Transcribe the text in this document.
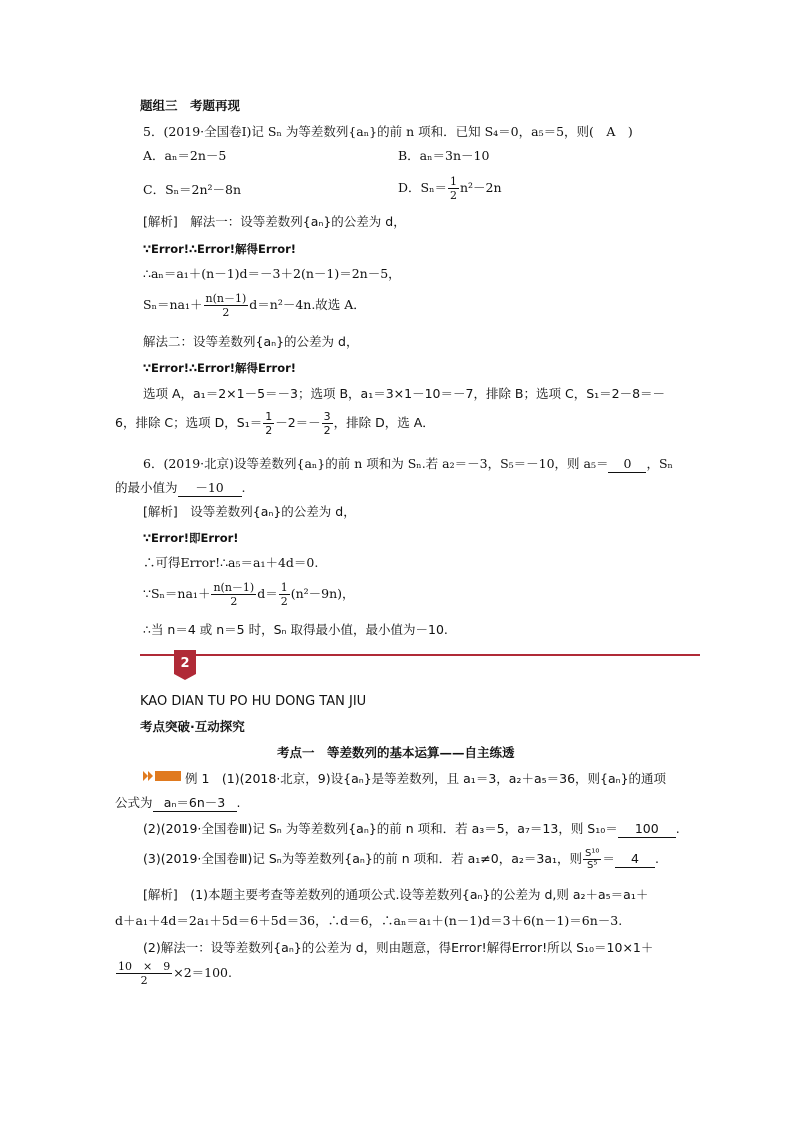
题组三　考题再现
5．(2019·全国卷Ⅰ)记 Sₙ 为等差数列{aₙ}的前 n 项和．已知 S₄＝0，a₅＝5，则(　A　)
A．aₙ＝2n－5	B．aₙ＝3n－10
C．Sₙ＝2n²－8n	D．$S_n= \frac{1}{2} n^2-2n$
[解析]　解法一：设等差数列{aₙ}的公差为 d，
∵Error!∴Error!解得Error!
∴aₙ＝a₁＋(n－1)d＝－3＋2(n－1)＝2n－5，
$S_n=na_1+ \frac{n(n-1)}{2} d=n^2-4n$.故选 A．
解法二：设等差数列{aₙ}的公差为 d，
∵Error!∴Error!解得Error!
选项 A，a₁＝2×1－5＝－3；选项 B，a₁＝3×1－10＝－7，排除 B；选项 C，S₁＝2－8＝－
6，排除 C；选项 D，$S_1= \frac{1}{2} -2=- \frac{3}{2}$ ，排除 D，选 A．
6．(2019·北京)设等差数列{aₙ}的前 n 项和为 Sₙ.若 a₂＝－3，S₅＝－10，则 a₅＝ 0 ，Sₙ
的最小值为 －10 .
[解析]　设等差数列{aₙ}的公差为 d，
∵Error!即Error!
∴可得Error!∴a₅＝a₁＋4d＝0.
∵Sₙ＝na₁＋ $\frac{n(n-1)}{2} d= \frac{1}{2} (n^2-9n)$，
∴当 n＝4 或 n＝5 时，Sₙ 取得最小值，最小值为－10.
2
KAO DIAN TU PO HU DONG TAN JIU
考点突破·互动探究
考点一　等差数列的基本运算——自主练透
例 1　(1)(2018·北京，9)设{aₙ}是等差数列，且 a₁＝3，a₂＋a₅＝36，则{aₙ}的通项
公式为 aₙ＝6n－3 .
(2)(2019·全国卷Ⅲ)记 Sₙ 为等差数列{aₙ}的前 n 项和．若 a₃＝5，a₇＝13，则 S₁₀＝ 100 .
(3)(2019·全国卷Ⅲ)记 Sₙ为等差数列{aₙ}的前 n 项和．若 a₁≠0，a₂＝3a₁，则 $\frac{\text{S¹⁰}}{\text{S⁵}} = 4$ .
[解析]　(1)本题主要考查等差数列的通项公式.设等差数列{aₙ}的公差为 d,则 a₂＋a₅＝a₁＋
d＋a₁＋4d＝2a₁＋5d＝6＋5d＝36，∴d＝6，∴aₙ＝a₁＋(n－1)d＝3＋6(n－1)＝6n－3.
(2)解法一：设等差数列{aₙ}的公差为 d，则由题意，得Error!解得Error!所以 S₁₀＝10×1＋
$\frac{10 \times 9}{2} \times 2=100$.
